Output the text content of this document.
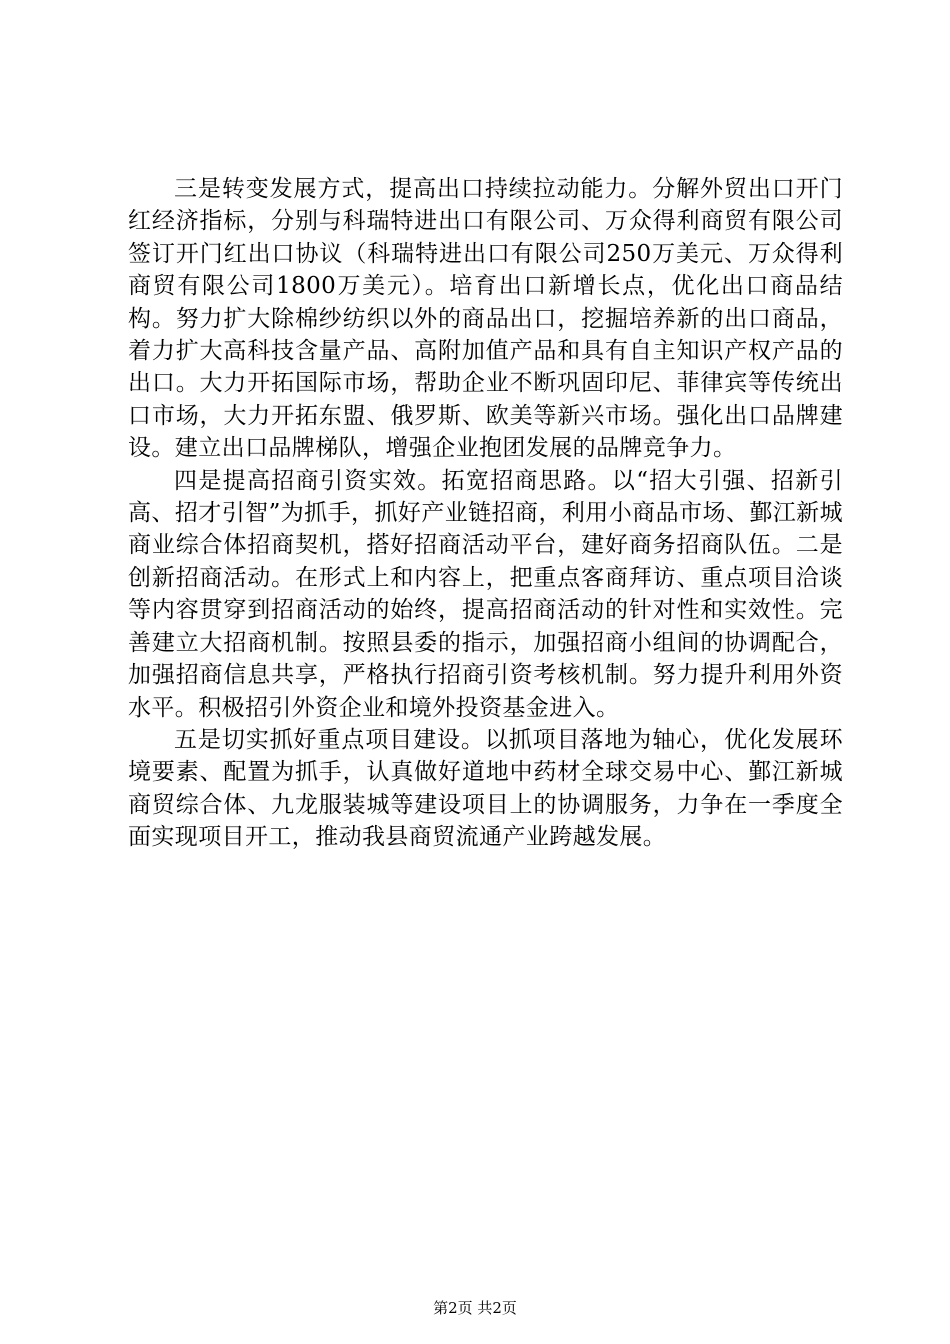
三是转变发展方式，提高出口持续拉动能力。分解外贸出口开门红经济指标，分别与科瑞特进出口有限公司、万众得利商贸有限公司签订开门红出口协议（科瑞特进出口有限公司250万美元、万众得利商贸有限公司1800万美元）。培育出口新增长点，优化出口商品结构。努力扩大除棉纱纺织以外的商品出口，挖掘培养新的出口商品，着力扩大高科技含量产品、高附加值产品和具有自主知识产权产品的出口。大力开拓国际市场，帮助企业不断巩固印尼、菲律宾等传统出口市场，大力开拓东盟、俄罗斯、欧美等新兴市场。强化出口品牌建设。建立出口品牌梯队，增强企业抱团发展的品牌竞争力。

四是提高招商引资实效。拓宽招商思路。以“招大引强、招新引高、招才引智”为抓手，抓好产业链招商，利用小商品市场、鄞江新城商业综合体招商契机，搭好招商活动平台，建好商务招商队伍。二是创新招商活动。在形式上和内容上，把重点客商拜访、重点项目洽谈等内容贯穿到招商活动的始终，提高招商活动的针对性和实效性。完善建立大招商机制。按照县委的指示，加强招商小组间的协调配合，加强招商信息共享，严格执行招商引资考核机制。努力提升利用外资水平。积极招引外资企业和境外投资基金进入。

五是切实抓好重点项目建设。以抓项目落地为轴心，优化发展环境要素、配置为抓手，认真做好道地中药材全球交易中心、鄞江新城商贸综合体、九龙服装城等建设项目上的协调服务，力争在一季度全面实现项目开工，推动我县商贸流通产业跨越发展。

第2页 共2页
